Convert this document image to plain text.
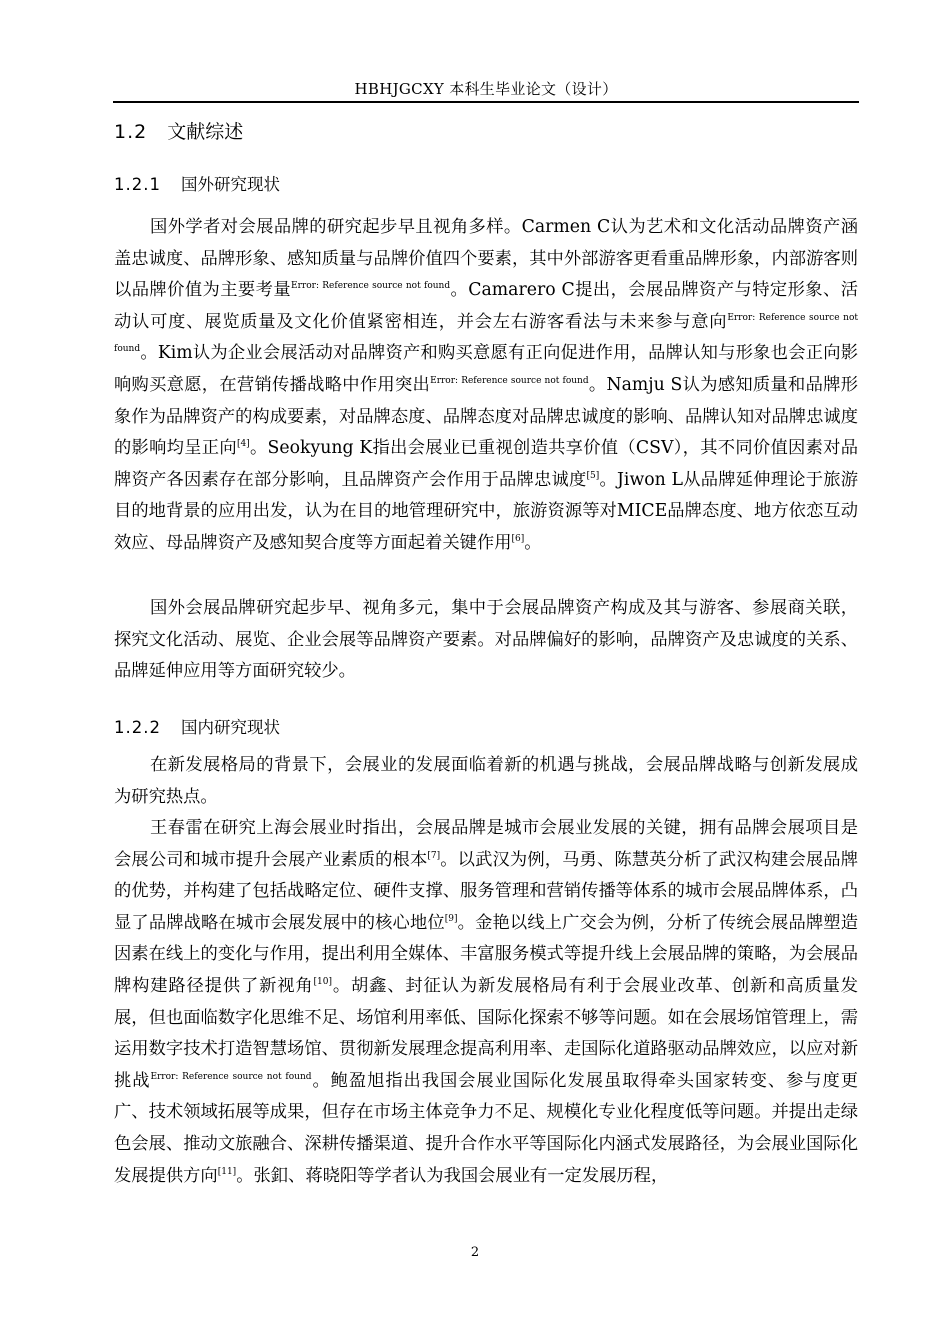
HBHJGCXY 本科生毕业论文（设计）
1.2 文献综述
1.2.1 国外研究现状

国外学者对会展品牌的研究起步早且视角多样。Carmen C认为艺术和文化活动品牌资产涵盖忠诚度、品牌形象、感知质量与品牌价值四个要素，其中外部游客更看重品牌形象，内部游客则以品牌价值为主要考量$^{Error: Reference source not found}$。Camarero C提出，会展品牌资产与特定形象、活动认可度、展览质量及文化价值紧密相连，并会左右游客看法与未来参与意向$^{Error: Reference source not found}$。Kim认为企业会展活动对品牌资产和购买意愿有正向促进作用，品牌认知与形象也会正向影响购买意愿，在营销传播战略中作用突出$^{Error: Reference source not found}$。Namju S认为感知质量和品牌形象作为品牌资产的构成要素，对品牌态度、品牌态度对品牌忠诚度的影响、品牌认知对品牌忠诚度的影响均呈正向[4]。Seokyung K指出会展业已重视创造共享价值（CSV），其不同价值因素对品牌资产各因素存在部分影响，且品牌资产会作用于品牌忠诚度[5]。Jiwon L从品牌延伸理论于旅游目的地背景的应用出发，认为在目的地管理研究中，旅游资源等对MICE品牌态度、地方依恋互动效应、母品牌资产及感知契合度等方面起着关键作用[6]。

国外会展品牌研究起步早、视角多元，集中于会展品牌资产构成及其与游客、参展商关联，探究文化活动、展览、企业会展等品牌资产要素。对品牌偏好的影响，品牌资产及忠诚度的关系、品牌延伸应用等方面研究较少。

1.2.2 国内研究现状

在新发展格局的背景下，会展业的发展面临着新的机遇与挑战，会展品牌战略与创新发展成为研究热点。

王春雷在研究上海会展业时指出，会展品牌是城市会展业发展的关键，拥有品牌会展项目是会展公司和城市提升会展产业素质的根本[7]。以武汉为例，马勇、陈慧英分析了武汉构建会展品牌的优势，并构建了包括战略定位、硬件支撑、服务管理和营销传播等体系的城市会展品牌体系，凸显了品牌战略在城市会展发展中的核心地位[9]。金艳以线上广交会为例，分析了传统会展品牌塑造因素在线上的变化与作用，提出利用全媒体、丰富服务模式等提升线上会展品牌的策略，为会展品牌构建路径提供了新视角[10]。胡鑫、封征认为新发展格局有利于会展业改革、创新和高质量发展，但也面临数字化思维不足、场馆利用率低、国际化探索不够等问题。如在会展场馆管理上，需运用数字技术打造智慧场馆、贯彻新发展理念提高利用率、走国际化道路驱动品牌效应，以应对新挑战$^{Error: Reference source not found}$。鲍盈旭指出我国会展业国际化发展虽取得牵头国家转变、参与度更广、技术领域拓展等成果，但存在市场主体竞争力不足、规模化专业化程度低等问题。并提出走绿色会展、推动文旅融合、深耕传播渠道、提升合作水平等国际化内涵式发展路径，为会展业国际化发展提供方向[11]。张釦、蒋晓阳等学者认为我国会展业有一定发展历程，

2
